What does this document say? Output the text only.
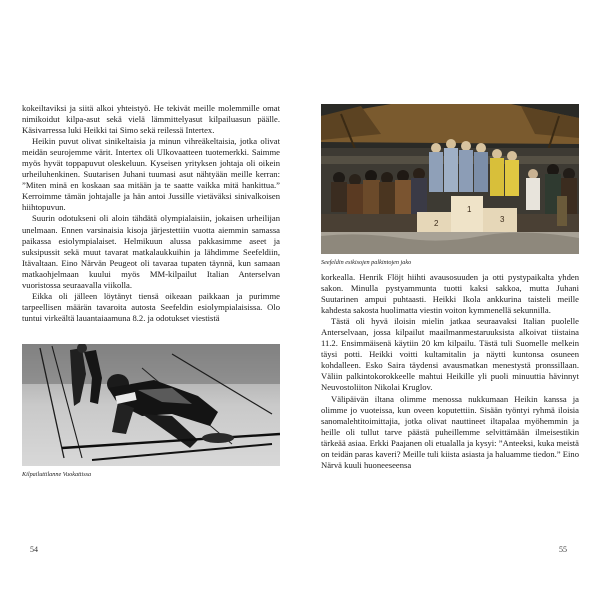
kokeiltaviksi ja siitä alkoi yhteistyö. He tekivät meille molemmille omat nimikoidut kilpa-asut sekä vielä lämmittelyasut kilpailuasun päälle. Käsivarressa luki Heikki tai Simo sekä reilessä Intertex.

Heikin puvut olivat sinikeltaisia ja minun vihreäkeltaisia, jotka olivat meidän seurojemme värit. Intertex oli Ulkovaatteen tuotemerkki. Saimme myös hyvät toppapuvut oleskeluun. Kyseisen yrityksen johtaja oli oikein urheiluhenkinen. Suutarisen Juhani tuumasi asut nähtyään meille kerran: ”Miten minä en koskaan saa mitään ja te saatte vaikka mitä hankittua.” Kerroimme tämän johtajalle ja hän antoi Jussille vietäväksi sinivalkoisen hiihtopuvun.

Suurin odotukseni oli aloin tähdätä olympialaisiin, jokaisen urheilijan unelmaan. Ennen varsinaisia kisoja järjestettiin vuotta aiemmin samassa paikassa esiolympialaiset. Helmikuun alussa pakkasimme aseet ja suksipussit sekä muut tavarat matkalaukkuihin ja lähdimme Seefeldiin, Itävaltaan. Eino Närvän Peugeot oli tavaraa tupaten täynnä, kun samaan matkaohjelmaan kuului myös MM-kilpailut Italian Anterselvan vuoristossa seuraavalla viikolla.

Eikka oli jälleen löytänyt tiensä oikeaan paikkaan ja purimme tarpeellisen määrän tavaroita autosta Seefeldin esiolympialaisissa. Olo tuntui virkeältä lauantaiaamuna 8.2. ja odotukset viestistä

Kilpailuttilanne Vuokattissa
54
2
1
3
Seefeldin esikisojen palkintojen jako

korkealla. Henrik Flöjt hiihti avausosuuden ja otti pystypaikalta yhden sakon. Minulla pystyammunta tuotti kaksi sakkoa, mutta Juhani Suutarinen ampui puhtaasti. Heikki Ikola ankkurina taisteli meille kahdesta sakosta huolimatta viestin voiton kymmenellä sekunnilla.

Tästä oli hyvä iloisin mielin jatkaa seuraavaksi Italian puolelle Anterselvaan, jossa kilpailut maailmanmestaruuksista alkoivat tiistaina 11.2. Ensimmäisenä käytiin 20 km kilpailu. Tästä tuli Suomelle melkein täysi potti. Heikki voitti kultamitalin ja näytti kuntonsa osuneen kohdalleen. Esko Saira täydensi avausmatkan menestystä pronssillaan. Väliin palkintokorokkeelle mahtui Heikille yli puoli minuuttia hävinnyt Neuvostoliiton Nikolai Kruglov.

Välipäivän iltana olimme menossa nukkumaan Heikin kanssa ja olimme jo vuoteissa, kun oveen koputettiin. Sisään työntyi ryhmä iloisia sanomalehtitoimittajia, jotka olivat nauttineet iltapalaa myöhemmin ja heille oli tullut tarve päästä puheillemme selvittämään ilmeisestikin tärkeää asiaa. Erkki Paajanen oli etualalla ja kysyi: ”Anteeksi, kuka meistä on teidän paras kaveri? Meille tuli kiista asiasta ja haluamme tiedon.” Eino Närvä kuuli huoneeseensa

55
